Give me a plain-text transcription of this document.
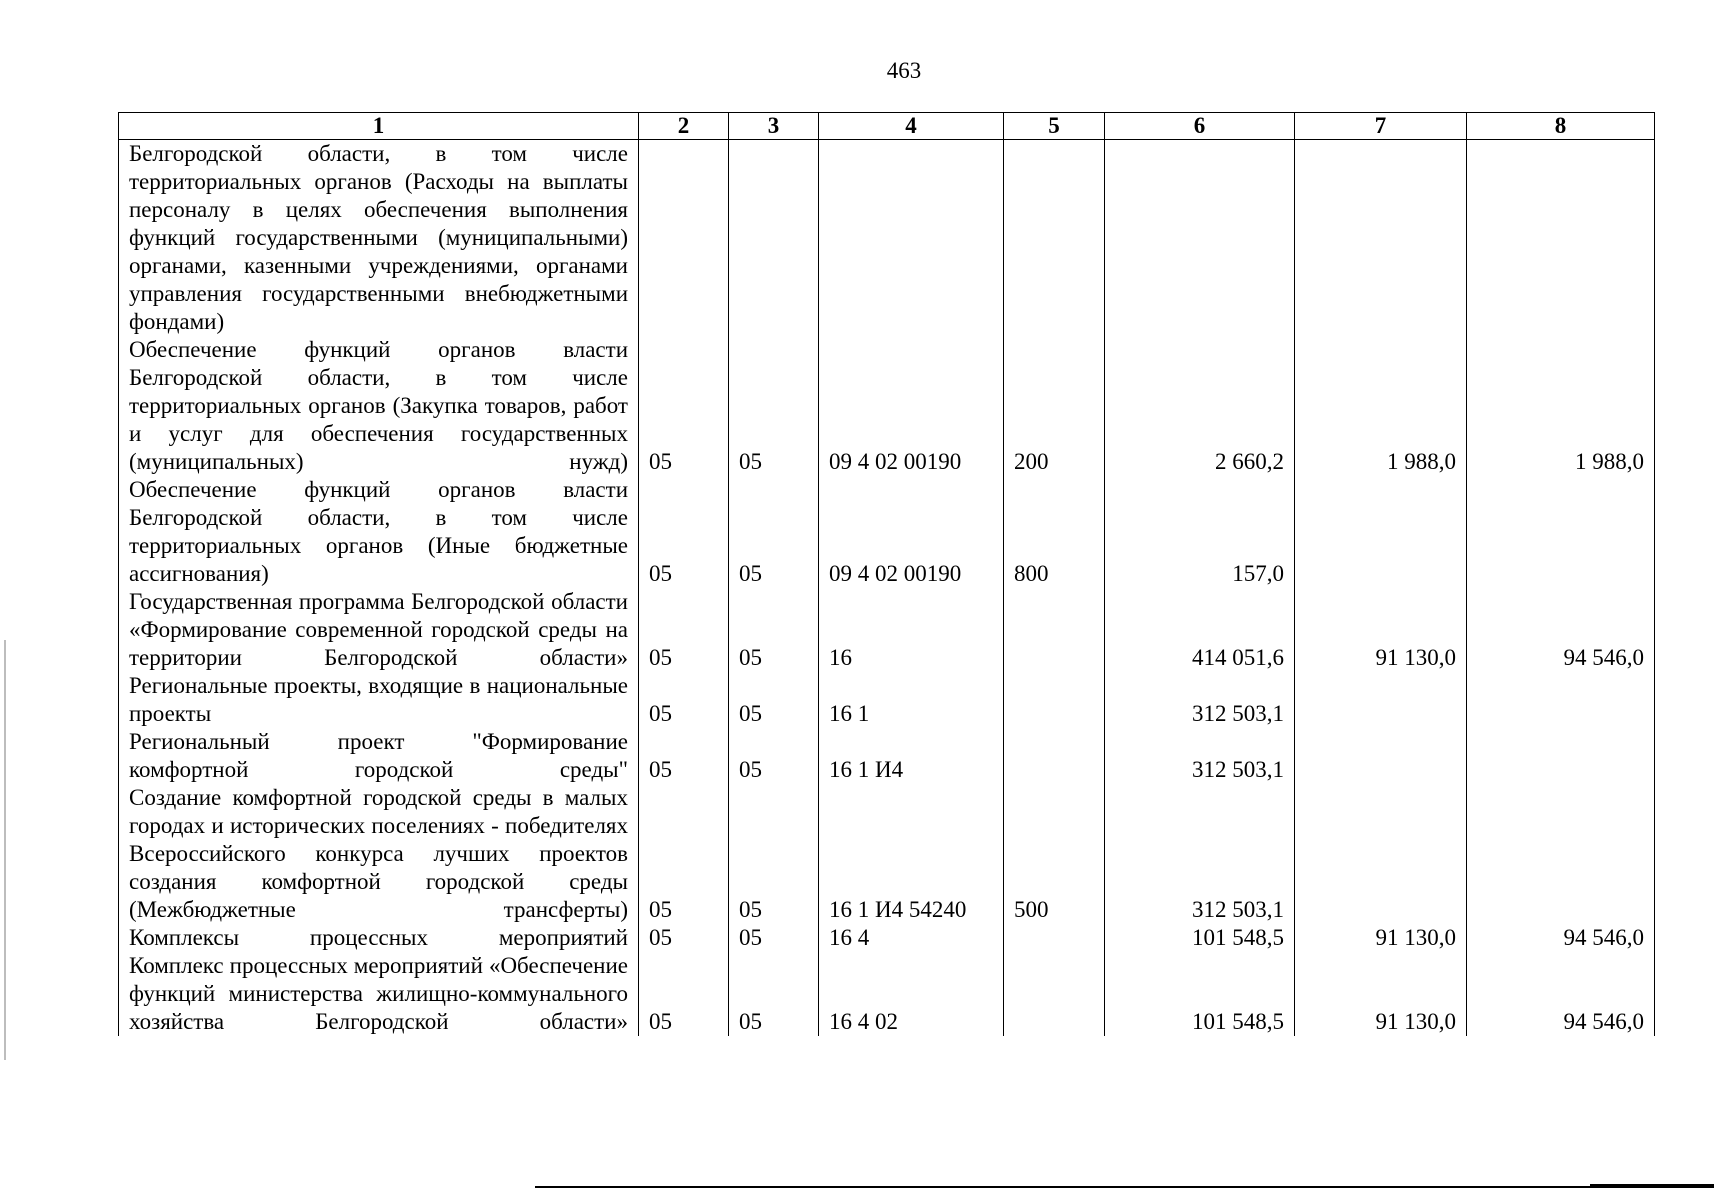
463
1	2	3	4	5	6	7	8
Белгородской области, в том числе территориальных органов (Расходы на выплаты персоналу в целях обеспечения выполнения функций государственными (муниципальными) органами, казенными учреждениями, органами управления государственными внебюджетными фондами)							
Обеспечение функций органов власти Белгородской области, в том числе территориальных органов (Закупка товаров, работ и услуг для обеспечения государственных (муниципальных) нужд)	05	05	09 4 02 00190	200	2 660,2	1 988,0	1 988,0
Обеспечение функций органов власти Белгородской области, в том числе территориальных органов (Иные бюджетные ассигнования)	05	05	09 4 02 00190	800	157,0		
Государственная программа Белгородской области «Формирование современной городской среды на территории Белгородской области»	05	05	16		414 051,6	91 130,0	94 546,0
Региональные проекты, входящие в национальные проекты	05	05	16 1		312 503,1		
Региональный проект "Формирование комфортной городской среды"	05	05	16 1 И4		312 503,1		
Создание комфортной городской среды в малых городах и исторических поселениях - победителях Всероссийского конкурса лучших проектов создания комфортной городской среды (Межбюджетные трансферты)	05	05	16 1 И4 54240	500	312 503,1		
Комплексы процессных мероприятий	05	05	16 4		101 548,5	91 130,0	94 546,0
Комплекс процессных мероприятий «Обеспечение функций министерства жилищно-коммунального хозяйства Белгородской области»	05	05	16 4 02		101 548,5	91 130,0	94 546,0
